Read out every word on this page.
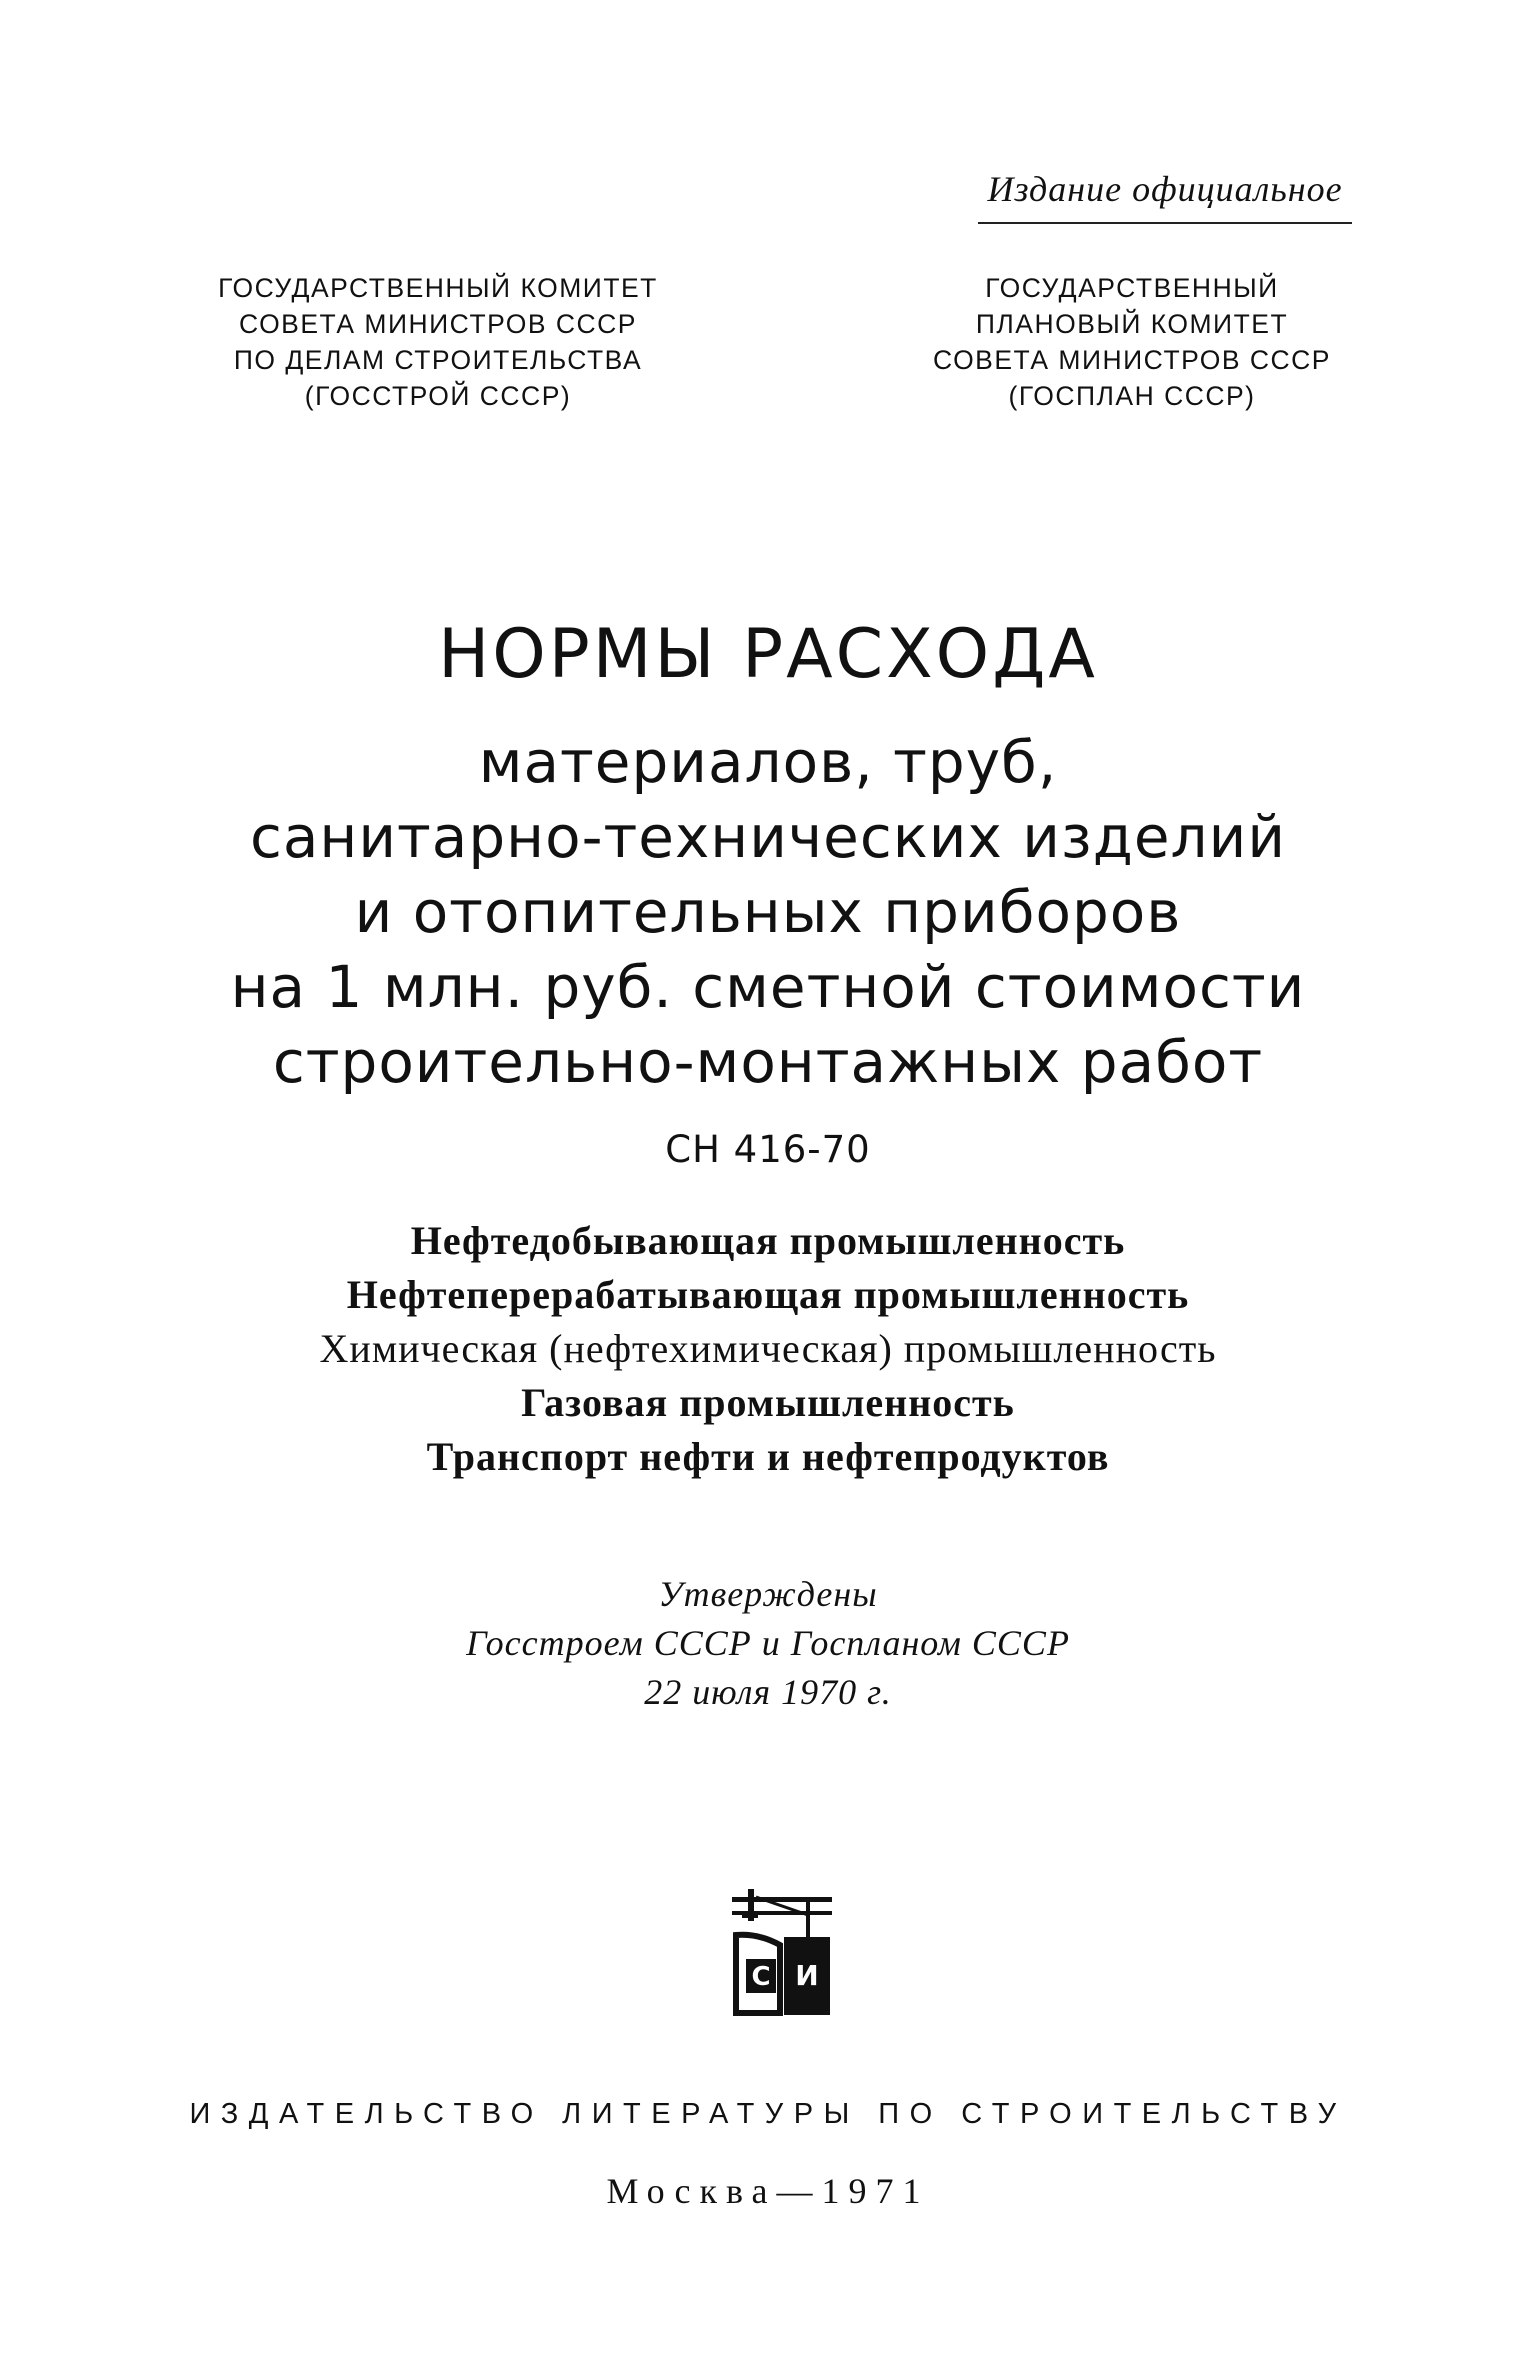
Издание официальное
ГОСУДАРСТВЕННЫЙ КОМИТЕТ
СОВЕТА МИНИСТРОВ СССР
ПО ДЕЛАМ СТРОИТЕЛЬСТВА
(ГОССТРОЙ СССР)
ГОСУДАРСТВЕННЫЙ
ПЛАНОВЫЙ КОМИТЕТ
СОВЕТА МИНИСТРОВ СССР
(ГОСПЛАН СССР)
НОРМЫ РАСХОДА
материалов, труб,
санитарно-технических изделий
и отопительных приборов
на 1 млн. руб. сметной стоимости
строительно-монтажных работ
СН 416-70
Нефтедобывающая промышленность
Нефтеперерабатывающая промышленность
Химическая (нефтехимическая) промышленность
Газовая промышленность
Транспорт нефти и нефтепродуктов
Утверждены
Госстроем СССР и Госпланом СССР
22 июля 1970 г.
С И
ИЗДАТЕЛЬСТВО ЛИТЕРАТУРЫ ПО СТРОИТЕЛЬСТВУ
Москва—1971
